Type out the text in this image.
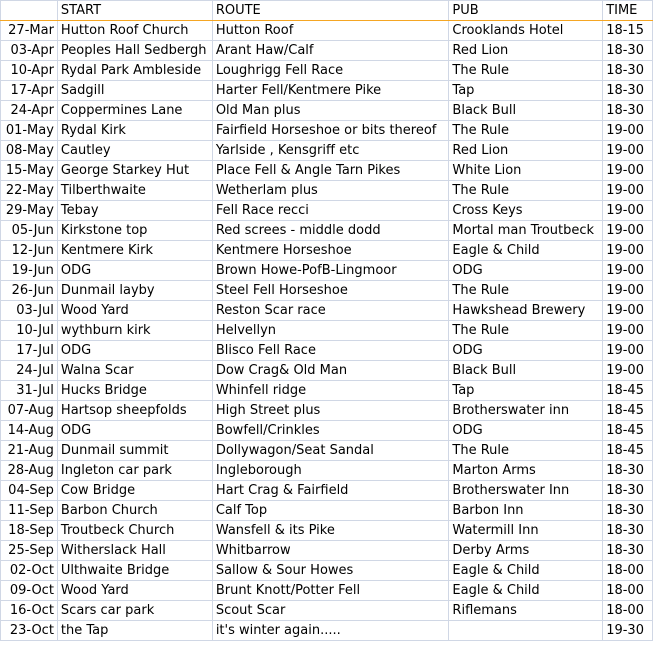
	START	ROUTE	PUB	TIME
27-Mar	Hutton Roof Church	Hutton Roof	Crooklands Hotel	18-15
03-Apr	Peoples Hall Sedbergh	Arant Haw/Calf	Red Lion	18-30
10-Apr	Rydal Park Ambleside	Loughrigg Fell Race	The Rule	18-30
17-Apr	Sadgill	Harter Fell/Kentmere Pike	Tap	18-30
24-Apr	Coppermines Lane	Old Man plus	Black Bull	18-30
01-May	Rydal Kirk	Fairfield Horseshoe or bits thereof	The Rule	19-00
08-May	Cautley	Yarlside , Kensgriff etc	Red Lion	19-00
15-May	George Starkey Hut	Place Fell & Angle Tarn Pikes	White Lion	19-00
22-May	Tilberthwaite	Wetherlam plus	The Rule	19-00
29-May	Tebay	Fell Race recci	Cross Keys	19-00
05-Jun	Kirkstone top	Red screes - middle dodd	Mortal man Troutbeck	19-00
12-Jun	Kentmere Kirk	Kentmere Horseshoe	Eagle & Child	19-00
19-Jun	ODG	Brown Howe-PofB-Lingmoor	ODG	19-00
26-Jun	Dunmail layby	Steel Fell Horseshoe	The Rule	19-00
03-Jul	Wood Yard	Reston Scar race	Hawkshead Brewery	19-00
10-Jul	wythburn kirk	Helvellyn	The Rule	19-00
17-Jul	ODG	Blisco Fell Race	ODG	19-00
24-Jul	Walna Scar	Dow Crag& Old Man	Black Bull	19-00
31-Jul	Hucks Bridge	Whinfell ridge	Tap	18-45
07-Aug	Hartsop sheepfolds	High Street plus	Brotherswater inn	18-45
14-Aug	ODG	Bowfell/Crinkles	ODG	18-45
21-Aug	Dunmail summit	Dollywagon/Seat Sandal	The Rule	18-45
28-Aug	Ingleton car park	Ingleborough	Marton Arms	18-30
04-Sep	Cow Bridge	Hart Crag & Fairfield	Brotherswater Inn	18-30
11-Sep	Barbon Church	Calf Top	Barbon Inn	18-30
18-Sep	Troutbeck Church	Wansfell & its Pike	Watermill Inn	18-30
25-Sep	Witherslack Hall	Whitbarrow	Derby Arms	18-30
02-Oct	Ulthwaite Bridge	Sallow & Sour Howes	Eagle & Child	18-00
09-Oct	Wood Yard	Brunt Knott/Potter Fell	Eagle & Child	18-00
16-Oct	Scars car park	Scout Scar	Riflemans	18-00
23-Oct	the Tap	it's winter again.....		19-30
